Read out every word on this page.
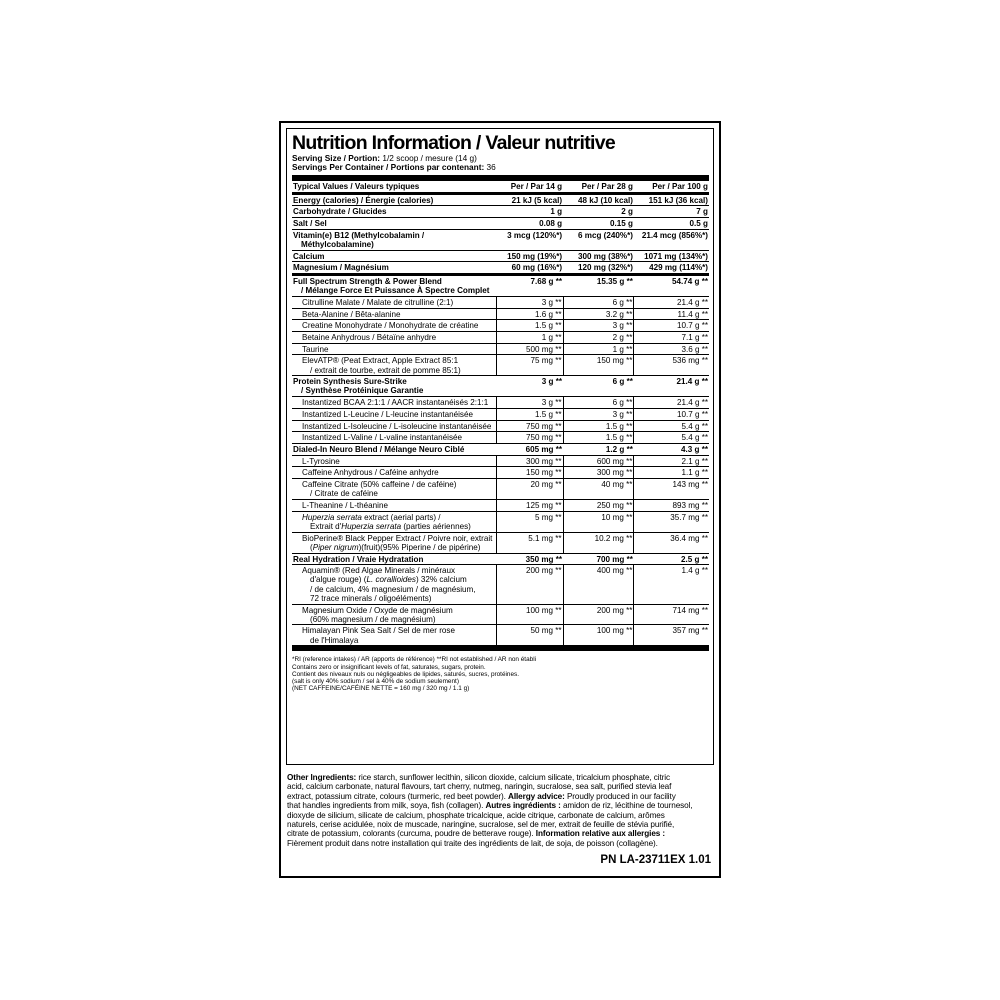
Nutrition Information / Valeur nutritive
Serving Size / Portion: 1/2 scoop / mesure (14 g)
Servings Per Container / Portions par contenant: 36
Typical Values / Valeurs typiques	Per / Par 14 g	Per / Par 28 g	Per / Par 100 g

Energy (calories) / Énergie (calories)	21 kJ (5 kcal)	48 kJ (10 kcal)	151 kJ (36 kcal)

Carbohydrate / Glucides	1 g	2 g	7 g

Salt / Sel	0.08 g	0.15 g	0.5 g

Vitamin(e) B12 (Methylcobalamin /
Méthylcobalamine)	3 mcg (120%*)	6 mcg (240%*)	21.4 mcg (856%*)

Calcium	150 mg (19%*)	300 mg (38%*)	1071 mg (134%*)

Magnesium / Magnésium	60 mg (16%*)	120 mg (32%*)	429 mg (114%*)

Full Spectrum Strength & Power Blend
/ Mélange Force Et Puissance À Spectre Complet	7.68 g **	15.35 g **	54.74 g **

Citrulline Malate / Malate de citrulline (2:1)	3 g **	6 g **	21.4 g **

Beta-Alanine / Bêta-alanine	1.6 g **	3.2 g **	11.4 g **

Creatine Monohydrate / Monohydrate de créatine	1.5 g **	3 g **	10.7 g **

Betaine Anhydrous / Bétaïne anhydre	1 g **	2 g **	7.1 g **

Taurine	500 mg **	1 g **	3.6 g **

ElevATP® (Peat Extract, Apple Extract 85:1
/ extrait de tourbe, extrait de pomme 85:1)	75 mg **	150 mg **	536 mg **

Protein Synthesis Sure-Strike
/ Synthèse Protéinique Garantie	3 g **	6 g **	21.4 g **

Instantized BCAA 2:1:1 / AACR instantanéisés 2:1:1	3 g **	6 g **	21.4 g **

Instantized L-Leucine / L-leucine instantanéisée	1.5 g **	3 g **	10.7 g **

Instantized L-Isoleucine / L-isoleucine instantanéisée	750 mg **	1.5 g **	5.4 g **

Instantized L-Valine / L-valine instantanéisée	750 mg **	1.5 g **	5.4 g **

Dialed-In Neuro Blend / Mélange Neuro Ciblé	605 mg **	1.2 g **	4.3 g **

L-Tyrosine	300 mg **	600 mg **	2.1 g **

Caffeine Anhydrous / Caféine anhydre	150 mg **	300 mg **	1.1 g **

Caffeine Citrate (50% caffeine / de caféine)
/ Citrate de caféine	20 mg **	40 mg **	143 mg **

L-Theanine / L-théanine	125 mg **	250 mg **	893 mg **

Huperzia serrata extract (aerial parts) /
Extrait d'Huperzia serrata (parties aériennes)	5 mg **	10 mg **	35.7 mg **

BioPerine® Black Pepper Extract / Poivre noir, extrait
(Piper nigrum)(fruit)(95% Piperine / de pipérine)	5.1 mg **	10.2 mg **	36.4 mg **

Real Hydration / Vraie Hydratation	350 mg **	700 mg **	2.5 g **

Aquamin® (Red Algae Minerals / minéraux
d'algue rouge) (L. corallioides) 32% calcium
/ de calcium, 4% magnesium / de magnésium,
72 trace minerals / oligoéléments)	200 mg **	400 mg **	1.4 g **

Magnesium Oxide / Oxyde de magnésium
(60% magnesium / de magnésium)	100 mg **	200 mg **	714 mg **

Himalayan Pink Sea Salt / Sel de mer rose
de l'Himalaya	50 mg **	100 mg **	357 mg **
*RI (reference intakes) / AR (apports de référence) **RI not established / AR non établi
Contains zero or insignificant levels of fat, saturates, sugars, protein.
Contient des niveaux nuls ou négligeables de lipides, saturés, sucres, protéines.
(salt is only 40% sodium / sel à 40% de sodium seulement)
(NET CAFFEINE/CAFÉINE NETTE = 160 mg / 320 mg / 1.1 g)
Other Ingredients: rice starch, sunflower lecithin, silicon dioxide, calcium silicate, tricalcium phosphate, citric
acid, calcium carbonate, natural flavours, tart cherry, nutmeg, naringin, sucralose, sea salt, purified stevia leaf
extract, potassium citrate, colours (turmeric, red beet powder). Allergy advice: Proudly produced in our facility
that handles ingredients from milk, soya, fish (collagen). Autres ingrédients : amidon de riz, lécithine de tournesol,
dioxyde de silicium, silicate de calcium, phosphate tricalcique, acide citrique, carbonate de calcium, arômes
naturels, cerise acidulée, noix de muscade, naringine, sucralose, sel de mer, extrait de feuille de stévia purifié,
citrate de potassium, colorants (curcuma, poudre de betterave rouge). Information relative aux allergies :
Fièrement produit dans notre installation qui traite des ingrédients de lait, de soja, de poisson (collagène).
PN LA-23711EX 1.01
